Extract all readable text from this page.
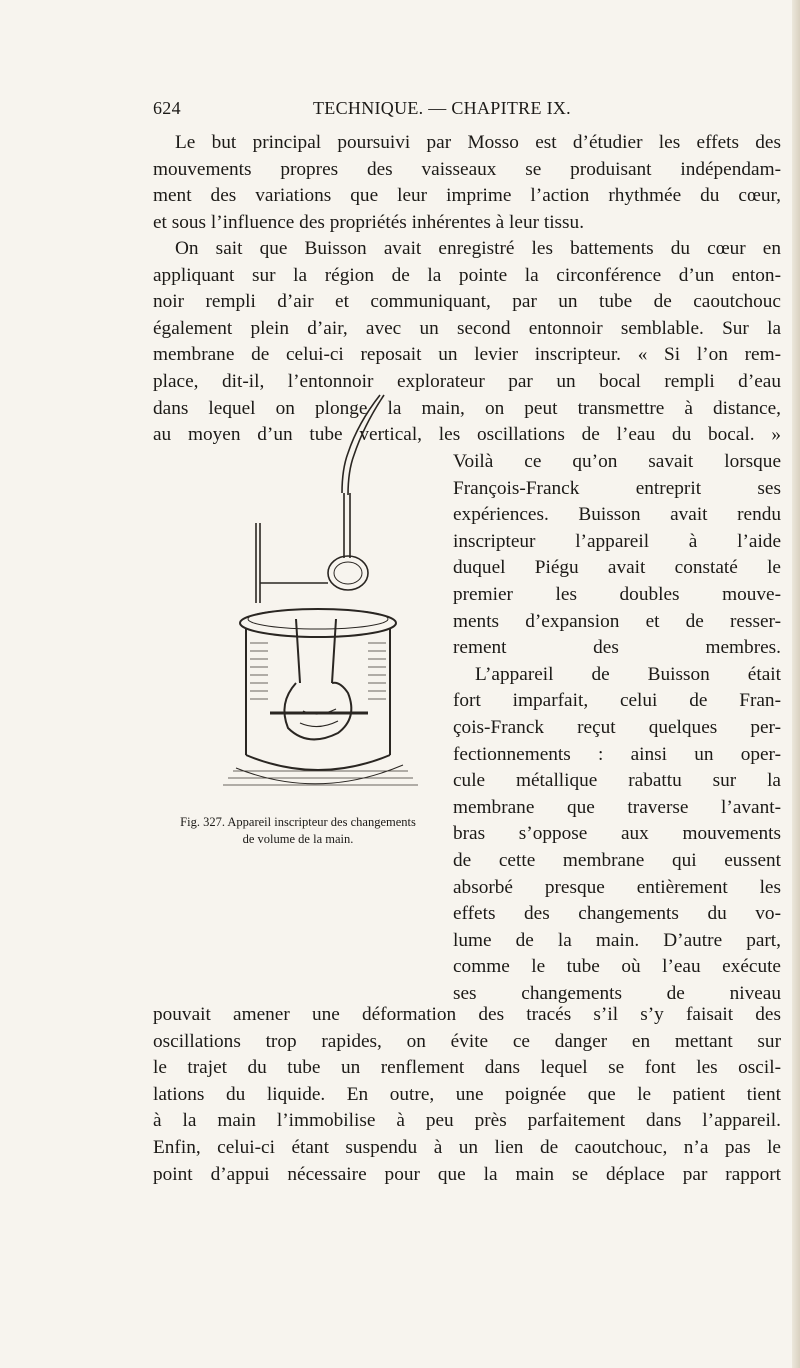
624	TECHNIQUE. — CHAPITRE IX.
Le but principal poursuivi par Mosso est d’étudier les effets des
mouvements propres des vaisseaux se produisant indépendam-
ment des variations que leur imprime l’action rhythmée du cœur,
et sous l’influence des propriétés inhérentes à leur tissu.
On sait que Buisson avait enregistré les battements du cœur en
appliquant sur la région de la pointe la circonférence d’un enton-
noir rempli d’air et communiquant, par un tube de caoutchouc
également plein d’air, avec un second entonnoir semblable. Sur la
membrane de celui-ci reposait un levier inscripteur. « Si l’on rem-
place, dit-il, l’entonnoir explorateur par un bocal rempli d’eau
dans lequel on plonge la main, on peut transmettre à distance,
au moyen d’un tube vertical, les oscillations de l’eau du bocal. »
Voilà ce qu’on savait lorsque
François-Franck entreprit ses
expériences. Buisson avait rendu
inscripteur l’appareil à l’aide
duquel Piégu avait constaté le
premier les doubles mouve-
ments d’expansion et de resser-
rement des membres.
L’appareil de Buisson était
fort imparfait, celui de Fran-
çois-Franck reçut quelques per-
fectionnements : ainsi un oper-
cule métallique rabattu sur la
membrane que traverse l’avant-
bras s’oppose aux mouvements
de cette membrane qui eussent
absorbé presque entièrement les
effets des changements du vo-
lume de la main. D’autre part,
comme le tube où l’eau exécute
ses changements de niveau
Fig. 327. Appareil inscripteur des changements
de volume de la main.
pouvait amener une déformation des tracés s’il s’y faisait des
oscillations trop rapides, on évite ce danger en mettant sur
le trajet du tube un renflement dans lequel se font les oscil-
lations du liquide. En outre, une poignée que le patient tient
à la main l’immobilise à peu près parfaitement dans l’appareil.
Enfin, celui-ci étant suspendu à un lien de caoutchouc, n’a pas le
point d’appui nécessaire pour que la main se déplace par rapport
